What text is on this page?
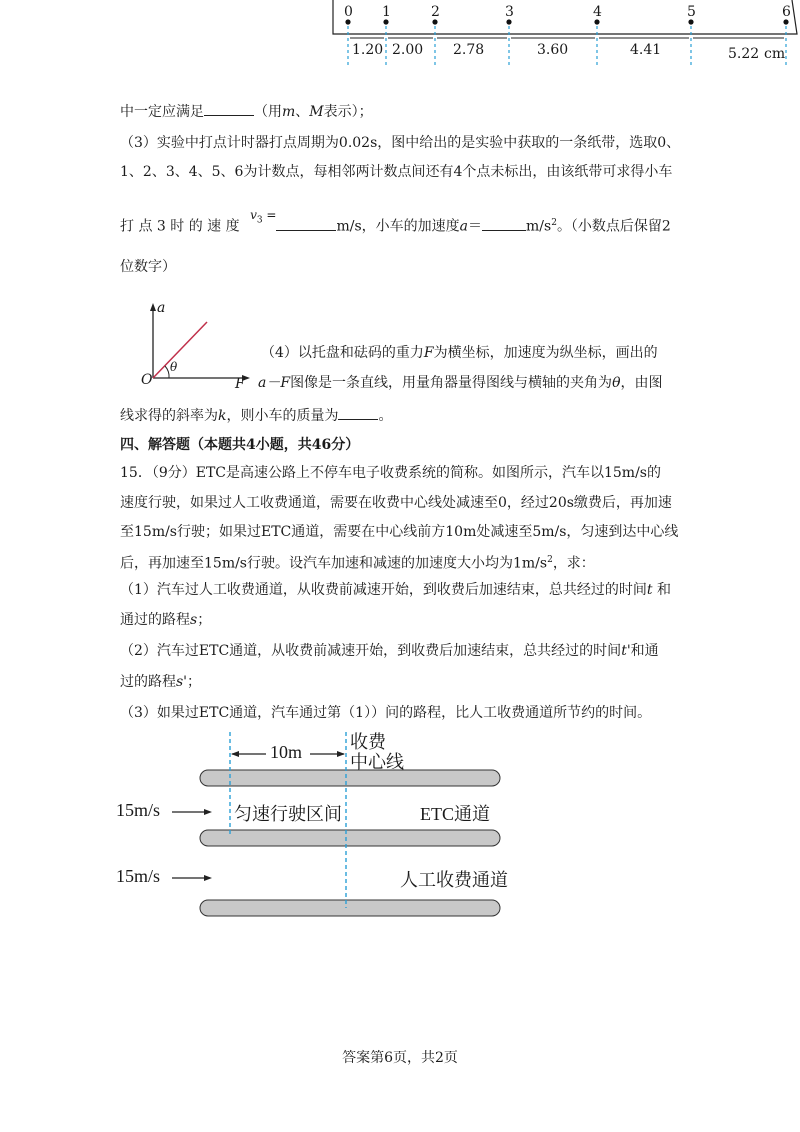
0 1	2	3	4	5	6
1.20 2.00 2.78	3.60	4.41	5.22 cm
中一定应满足	（用m、M表示）；
（3）实验中打点计时器打点周期为0.02s，图中给出的是实验中获取的一条纸带，选取0、
1、2、3、4、5、6为计数点，每相邻两计数点间还有4个点未标出，由该纸带可求得小车
打 点 3 时 的 速 度 $v_3 =m/s$，小车的加速度a＝	$m/s^2$。（小数点后保留2
位数字）
a
F
O
θ
（4）以托盘和砝码的重力F为横坐标，加速度为纵坐标，画出的
a－F图像是一条直线，用量角器量得图线与横轴的夹角为θ，由图
线求得的斜率为k，则小车的质量为	。
四、解答题（本题共4小题，共46分）
15．（9分）ETC是高速公路上不停车电子收费系统的简称。如图所示，汽车以15m/s的
速度行驶，如果过人工收费通道，需要在收费中心线处减速至0，经过20s缴费后，再加速
至15m/s行驶；如果过ETC通道，需要在中心线前方10m处减速至5m/s，匀速到达中心线
后，再加速至15m/s行驶。设汽车加速和减速的加速度大小均为$1m/s^2$，求：
（1）汽车过人工收费通道，从收费前减速开始，到收费后加速结束，总共经过的时间t 和
通过的路程s；
（2）汽车过ETC通道，从收费前减速开始，到收费后加速结束，总共经过的时间t'和通
过的路程s'；
（3）如果过ETC通道，汽车通过第（1））问的路程，比人工收费通道所节约的时间。
10m	收费
中心线
15m/s	匀速行驶区间	ETC通道
15m/s	人工收费通道
答案第6页，共2页
